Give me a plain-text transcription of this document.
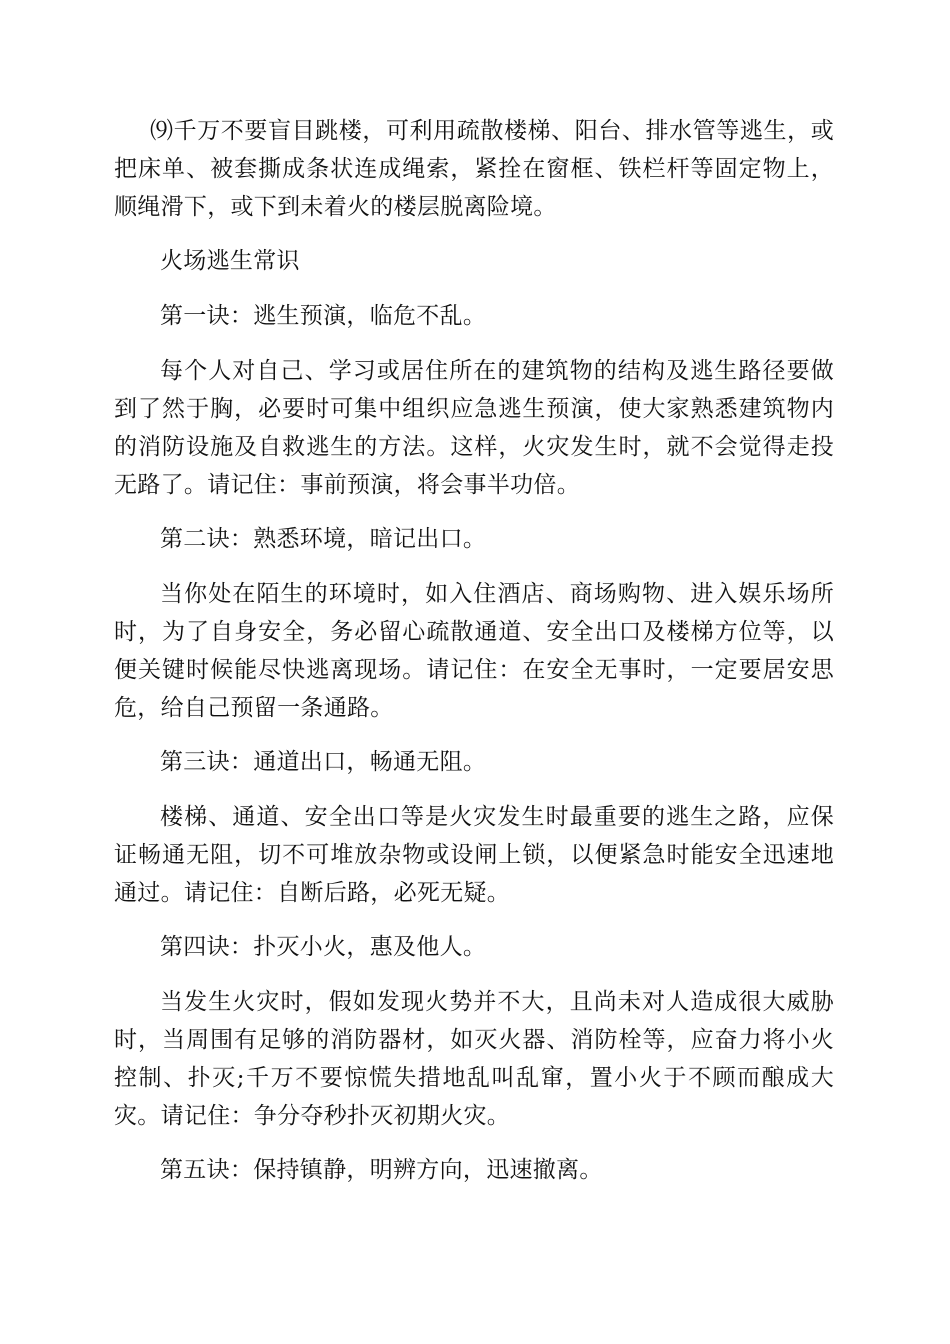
⑼千万不要盲目跳楼，可利用疏散楼梯、阳台、排水管等逃生，或把床单、被套撕成条状连成绳索，紧拴在窗框、铁栏杆等固定物上，顺绳滑下，或下到未着火的楼层脱离险境。

火场逃生常识

第一诀：逃生预演，临危不乱。

每个人对自己、学习或居住所在的建筑物的结构及逃生路径要做到了然于胸，必要时可集中组织应急逃生预演，使大家熟悉建筑物内的消防设施及自救逃生的方法。这样，火灾发生时，就不会觉得走投无路了。请记住：事前预演，将会事半功倍。

第二诀：熟悉环境，暗记出口。

当你处在陌生的环境时，如入住酒店、商场购物、进入娱乐场所时，为了自身安全，务必留心疏散通道、安全出口及楼梯方位等，以便关键时候能尽快逃离现场。请记住：在安全无事时，一定要居安思危，给自己预留一条通路。

第三诀：通道出口，畅通无阻。

楼梯、通道、安全出口等是火灾发生时最重要的逃生之路，应保证畅通无阻，切不可堆放杂物或设闸上锁，以便紧急时能安全迅速地通过。请记住：自断后路，必死无疑。

第四诀：扑灭小火，惠及他人。

当发生火灾时，假如发现火势并不大，且尚未对人造成很大威胁时，当周围有足够的消防器材，如灭火器、消防栓等，应奋力将小火控制、扑灭;千万不要惊慌失措地乱叫乱窜，置小火于不顾而酿成大灾。请记住：争分夺秒扑灭初期火灾。

第五诀：保持镇静，明辨方向，迅速撤离。
